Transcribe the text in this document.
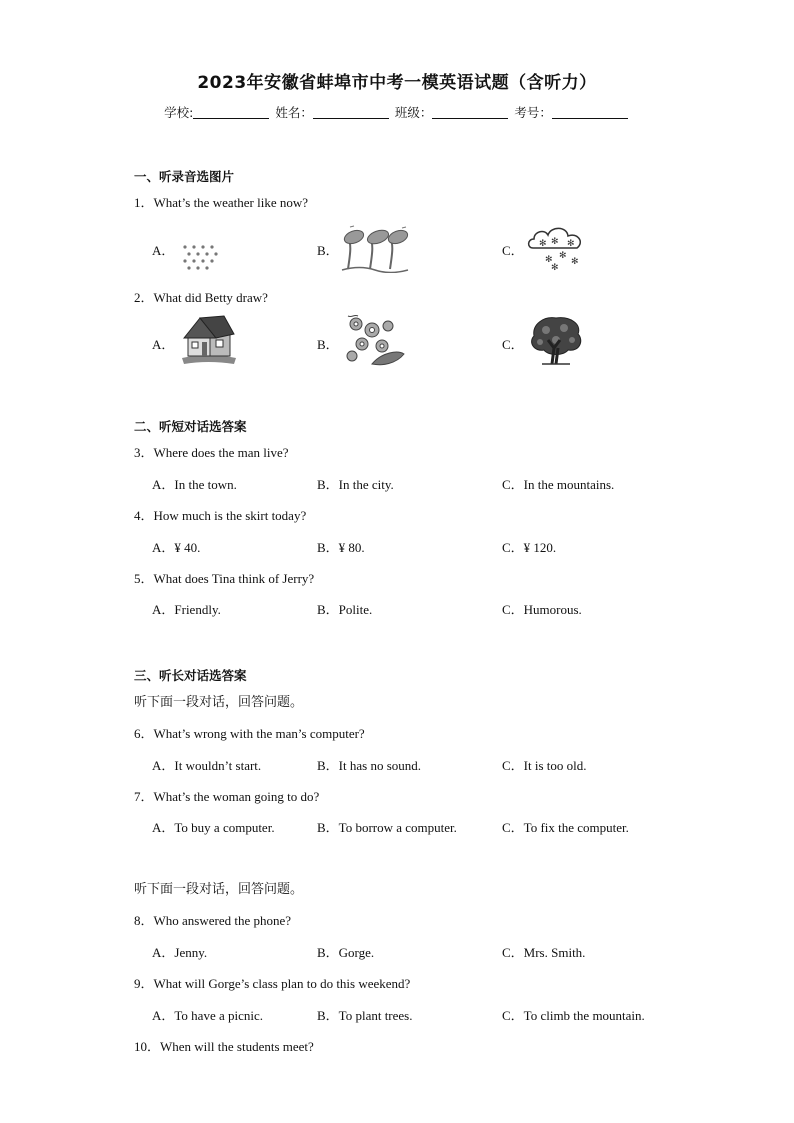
2023年安徽省蚌埠市中考一模英语试题（含听力）
学校:	姓名：	班级：	考号：
一、听录音选图片
1．What’s the weather like now?
A．	B．	C． ✻ ✻ ✻
✻ ✻
✻
✻
2．What did Betty draw?
A．	B．	C．
二、听短对话选答案
3．Where does the man live?
A．In the town.	B．In the city.	C．In the mountains.
4．How much is the skirt today?
A．¥ 40.	B．¥ 80.	C．¥ 120.
5．What does Tina think of Jerry?
A．Friendly.	B．Polite.	C．Humorous.
三、听长对话选答案
听下面一段对话，回答问题。
6．What’s wrong with the man’s computer?
A．It wouldn’t start.	B．It has no sound.	C．It is too old.
7．What’s the woman going to do?
A．To buy a computer.	B．To borrow a computer.	C．To fix the computer.
听下面一段对话，回答问题。
8．Who answered the phone?
A．Jenny.	B．Gorge.	C．Mrs. Smith.
9．What will Gorge’s class plan to do this weekend?
A．To have a picnic.	B．To plant trees.	C．To climb the mountain.
10．When will the students meet?
